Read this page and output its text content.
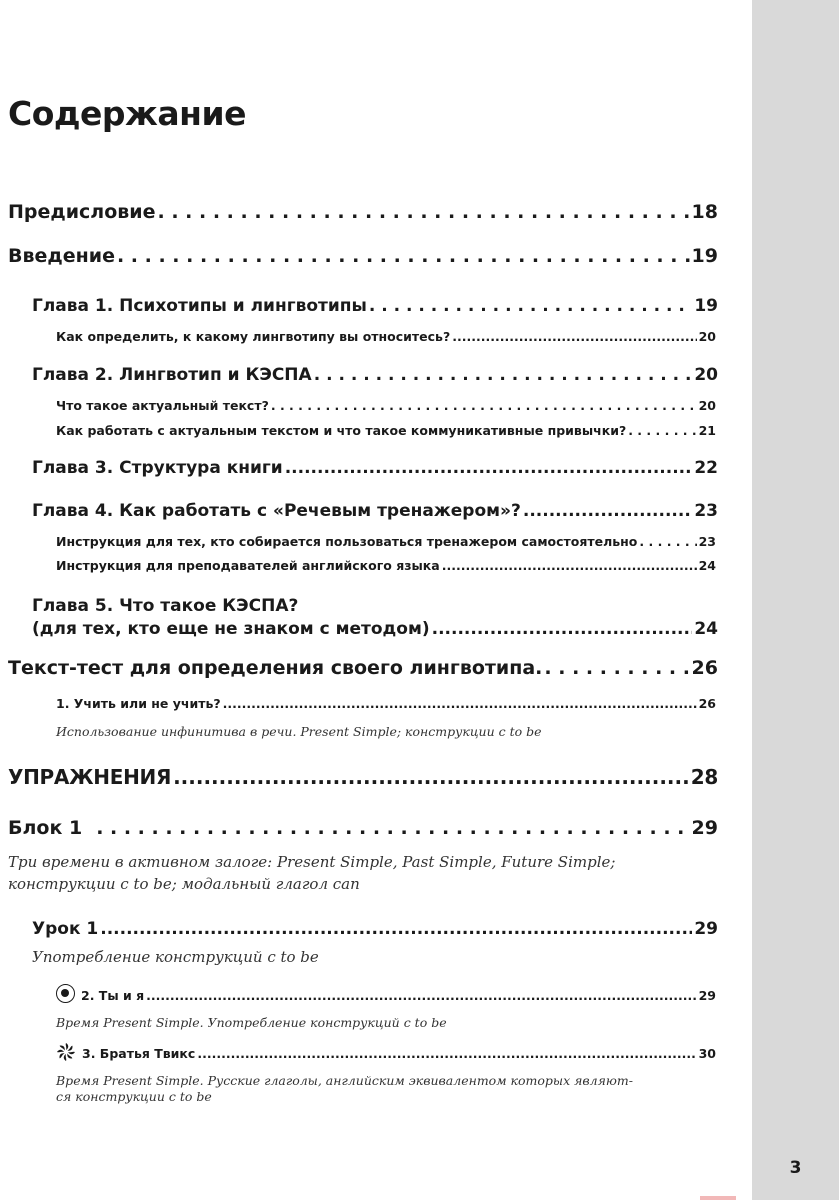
3
Содержание
Предисловие . . .	18
Введение . . .	19
Глава 1. Психотипы и лингвотипы . . .	19
Как определить, к какому лингвотипу вы относитесь? .....	20
Глава 2. Лингвотип и КЭСПА . . .	20
Что такое актуальный текст? . . .	20
Как работать с актуальным текстом и что такое коммуникативные привычки? . . .	21
Глава 3. Структура книги .....	22
Глава 4. Как работать с «Речевым тренажером»? .....	23
Инструкция для тех, кто собирается пользоваться тренажером самостоятельно . . .	23
Инструкция для преподавателей английского языка .....	24
Глава 5. Что такое КЭСПА?
(для тех, кто еще не знаком с методом) .....	24
Текст-тест для определения своего лингвотипа. . . .	26
1. Учить или не учить? .....	26
Использование инфинитива в речи. Present Simple; конструкции с to be
УПРАЖНЕНИЯ .....	28
Блок 1 . . .	29
Три времени в активном залоге: Present Simple, Past Simple, Future Simple;
конструкции с to be; модальный глагол can
Урок 1 .....	29
Употребление конструкций с to be
2. Ты и я .....	29
Время Present Simple. Употребление конструкций с to be
3. Братья Твикс .....	30
Время Present Simple. Русские глаголы, английским эквивалентом которых являют-
ся конструкции с to be
